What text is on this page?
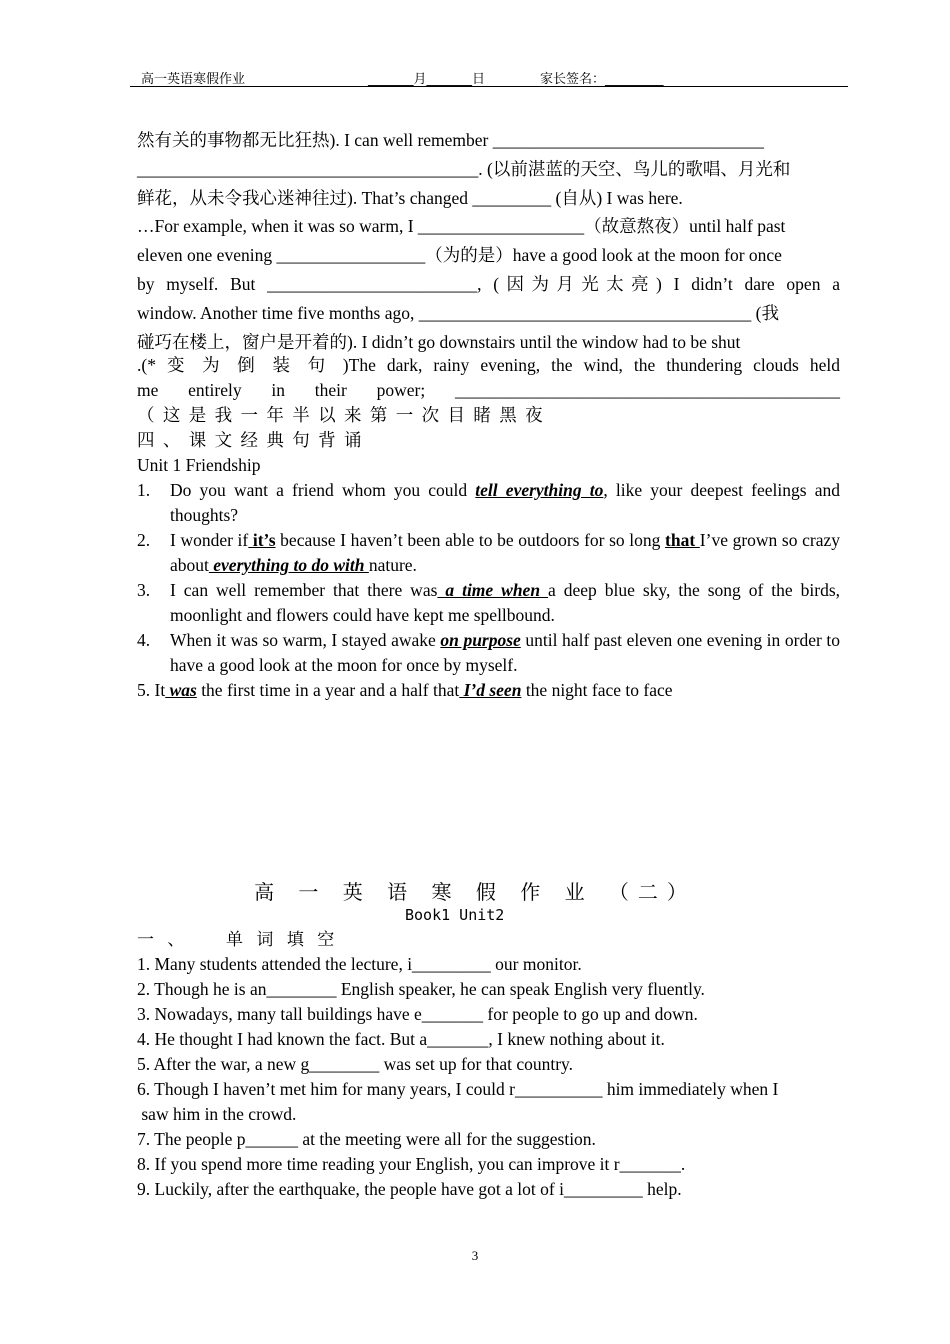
高一英语寒假作业	_______月_______日	家长签名：_________
然有关的事物都无比狂热). I can well remember _______________________________
_______________________________________. (以前湛蓝的天空、鸟儿的歌唱、月光和
鲜花，从未令我心迷神往过). That’s changed _________ (自从) I was here.
…For example, when it was so warm, I ___________________（故意熬夜）until half past
eleven one evening _________________（为的是）have a good look at the moon for once
by myself. But ________________________, (因为月光太亮) I didn’t dare open a
window. Another time five months ago, ______________________________________ (我
碰巧在楼上，窗户是开着的). I didn’t go downstairs until the window had to be shut
.(* 变 为 倒 装 句 )The dark, rainy evening, the wind, the thundering clouds held
me entirely in their power; ____________________________________________
（ 这 是 我 一 年 半 以 来 第 一 次 目 睹 黑 夜
四 、 课 文 经 典 句 背 诵
Unit 1 Friendship
1. Do you want a friend whom you could tell everything to, like your deepest feelings and thoughts?
2. I wonder if it’s because I haven’t been able to be outdoors for so long that I’ve grown so crazy about everything to do with nature.
3. I can well remember that there was a time when a deep blue sky, the song of the birds, moonlight and flowers could have kept me spellbound.
4. When it was so warm, I stayed awake on purpose until half past eleven one evening in order to have a good look at the moon for once by myself.
5. It was the first time in a year and a half that I’d seen the night face to face
高 一 英 语 寒 假 作 业 （二）
Book1 Unit2
一 、    单 词 填 空
1. Many students attended the lecture, i_________ our monitor.
2. Though he is an________ English speaker, he can speak English very fluently.
3. Nowadays, many tall buildings have e_______ for people to go up and down.
4. He thought I had known the fact. But a_______, I knew nothing about it.
5. After the war, a new g________ was set up for that country.
6. Though I haven’t met him for many years, I could r__________ him immediately when I
saw him in the crowd.
7. The people p______ at the meeting were all for the suggestion.
8. If you spend more time reading your English, you can improve it r_______.
9. Luckily, after the earthquake, the people have got a lot of i_________ help.
3
